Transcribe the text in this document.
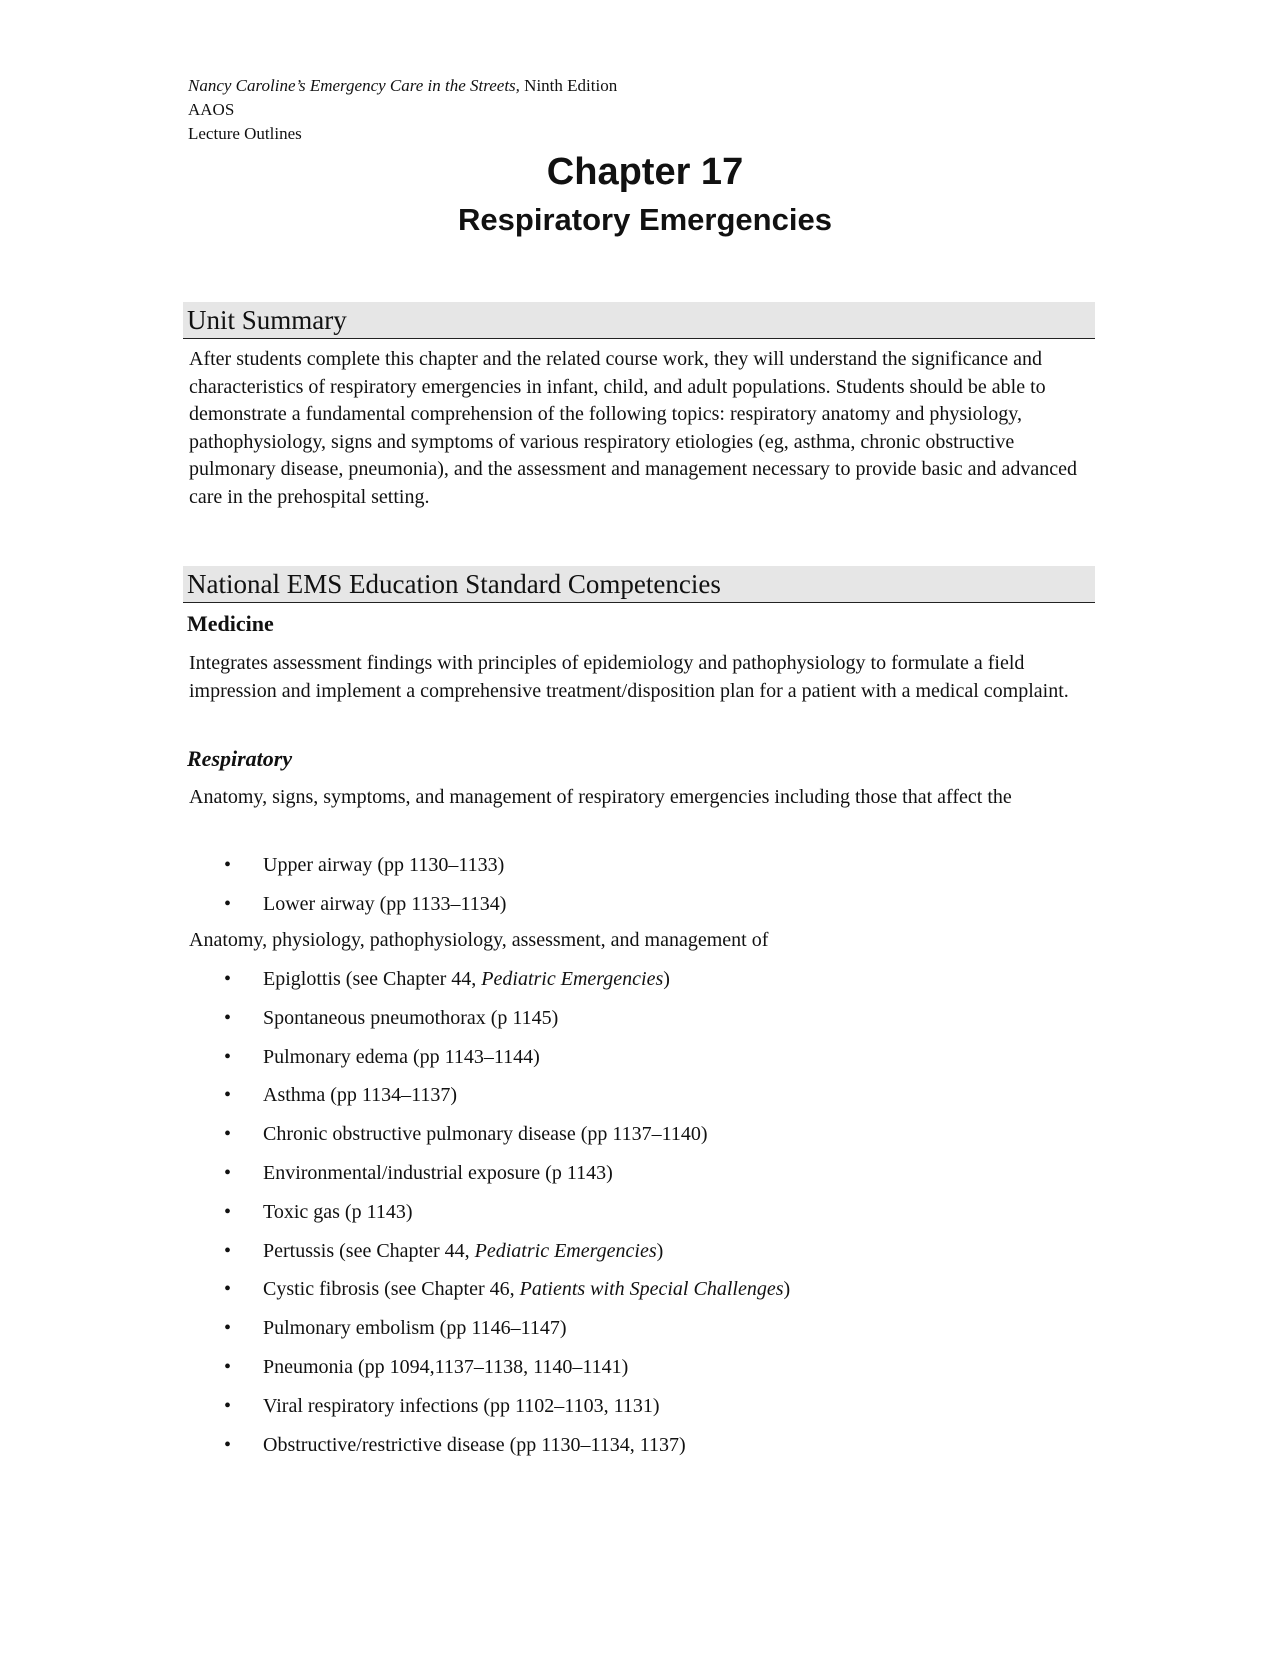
Nancy Caroline’s Emergency Care in the Streets, Ninth Edition
AAOS
Lecture Outlines
Chapter 17
Respiratory Emergencies
Unit Summary
After students complete this chapter and the related course work, they will understand the significance and characteristics of respiratory emergencies in infant, child, and adult populations. Students should be able to demonstrate a fundamental comprehension of the following topics: respiratory anatomy and physiology, pathophysiology, signs and symptoms of various respiratory etiologies (eg, asthma, chronic obstructive pulmonary disease, pneumonia), and the assessment and management necessary to provide basic and advanced care in the prehospital setting.
National EMS Education Standard Competencies
Medicine
Integrates assessment findings with principles of epidemiology and pathophysiology to formulate a field impression and implement a comprehensive treatment/disposition plan for a patient with a medical complaint.
Respiratory
Anatomy, signs, symptoms, and management of respiratory emergencies including those that affect the
• Upper airway (pp 1130–1133)
• Lower airway (pp 1133–1134)
Anatomy, physiology, pathophysiology, assessment, and management of
• Epiglottis (see Chapter 44, Pediatric Emergencies)
• Spontaneous pneumothorax (p 1145)
• Pulmonary edema (pp 1143–1144)
• Asthma (pp 1134–1137)
• Chronic obstructive pulmonary disease (pp 1137–1140)
• Environmental/industrial exposure (p 1143)
• Toxic gas (p 1143)
• Pertussis (see Chapter 44, Pediatric Emergencies)
• Cystic fibrosis (see Chapter 46, Patients with Special Challenges)
• Pulmonary embolism (pp 1146–1147)
• Pneumonia (pp 1094,1137–1138, 1140–1141)
• Viral respiratory infections (pp 1102–1103, 1131)
• Obstructive/restrictive disease (pp 1130–1134, 1137)
